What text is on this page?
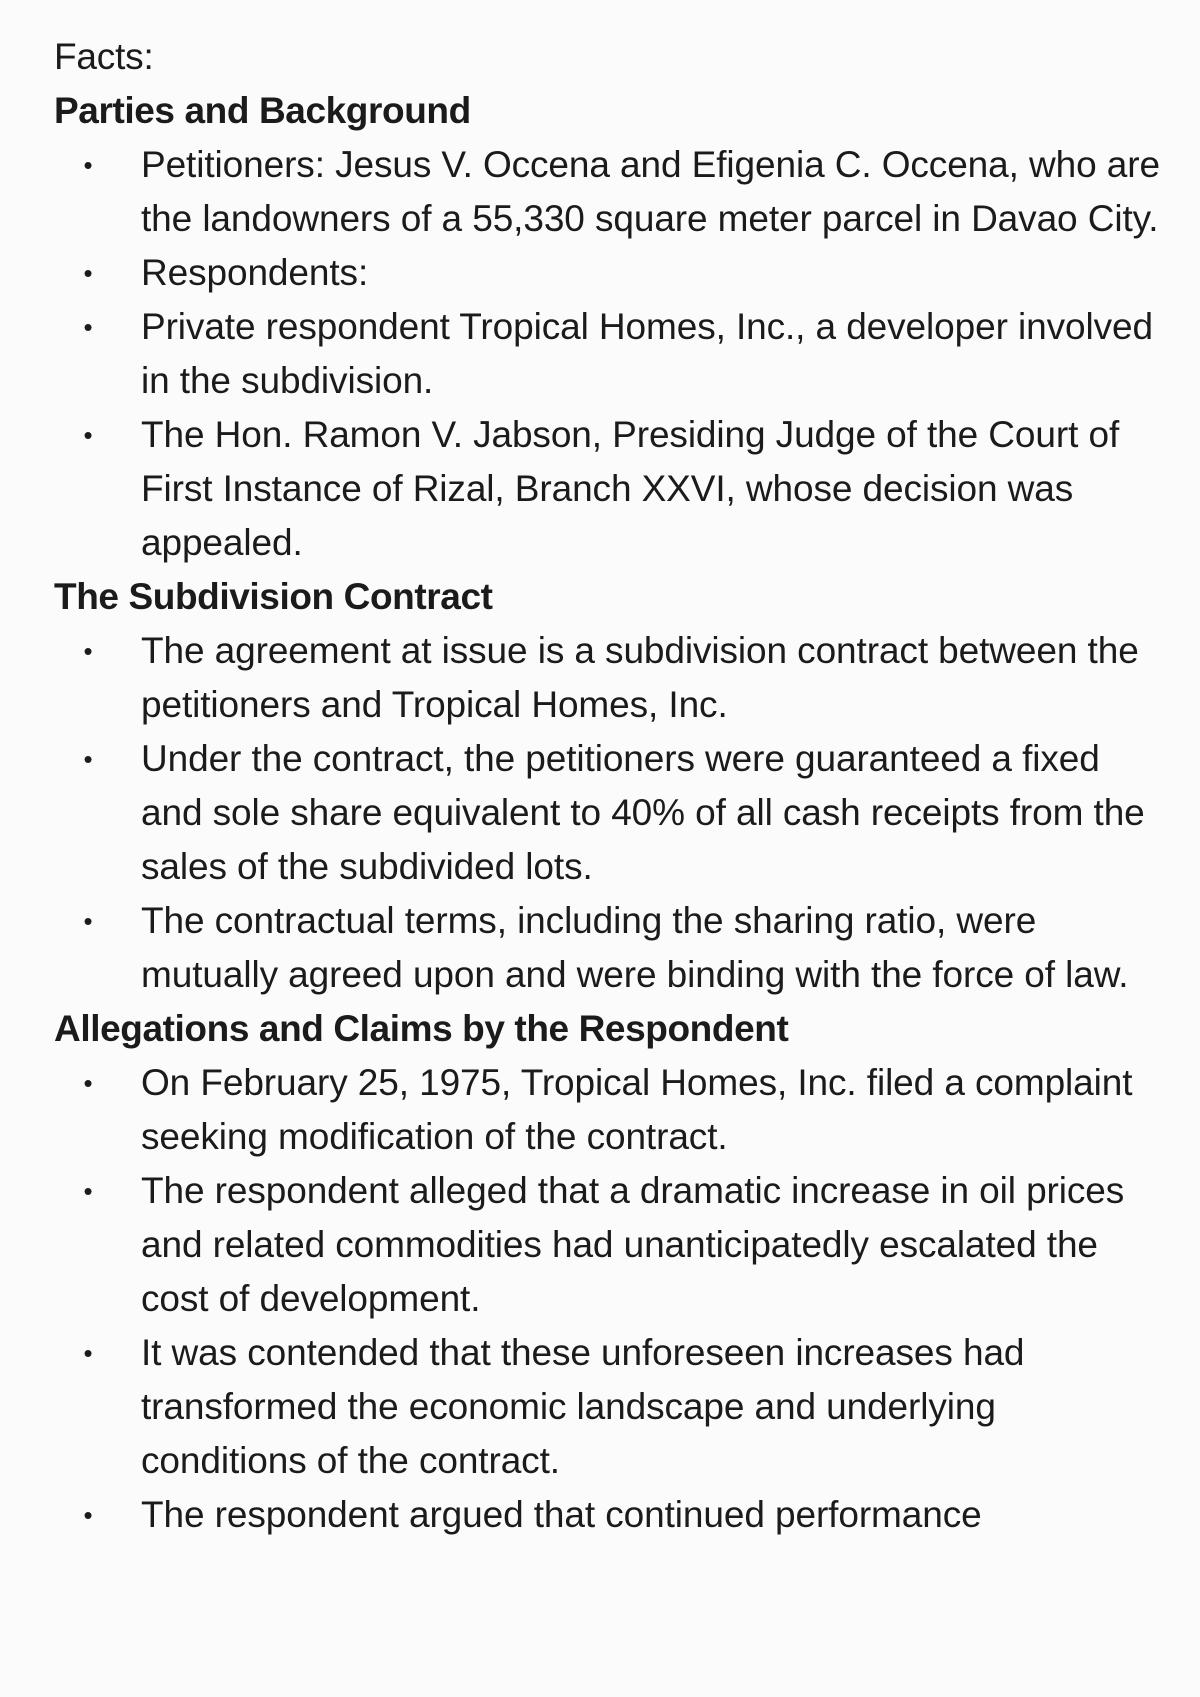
Facts:
Parties and Background
• Petitioners: Jesus V. Occena and Efigenia C. Occena, who are the landowners of a 55,330 square meter parcel in Davao City.
• Respondents:
• Private respondent Tropical Homes, Inc., a developer involved in the subdivision.
• The Hon. Ramon V. Jabson, Presiding Judge of the Court of First Instance of Rizal, Branch XXVI, whose decision was appealed.
The Subdivision Contract
• The agreement at issue is a subdivision contract between the petitioners and Tropical Homes, Inc.
• Under the contract, the petitioners were guaranteed a fixed and sole share equivalent to 40% of all cash receipts from the sales of the subdivided lots.
• The contractual terms, including the sharing ratio, were mutually agreed upon and were binding with the force of law.
Allegations and Claims by the Respondent
• On February 25, 1975, Tropical Homes, Inc. filed a complaint seeking modification of the contract.
• The respondent alleged that a dramatic increase in oil prices and related commodities had unanticipatedly escalated the cost of development.
• It was contended that these unforeseen increases had transformed the economic landscape and underlying conditions of the contract.
• The respondent argued that continued performance
